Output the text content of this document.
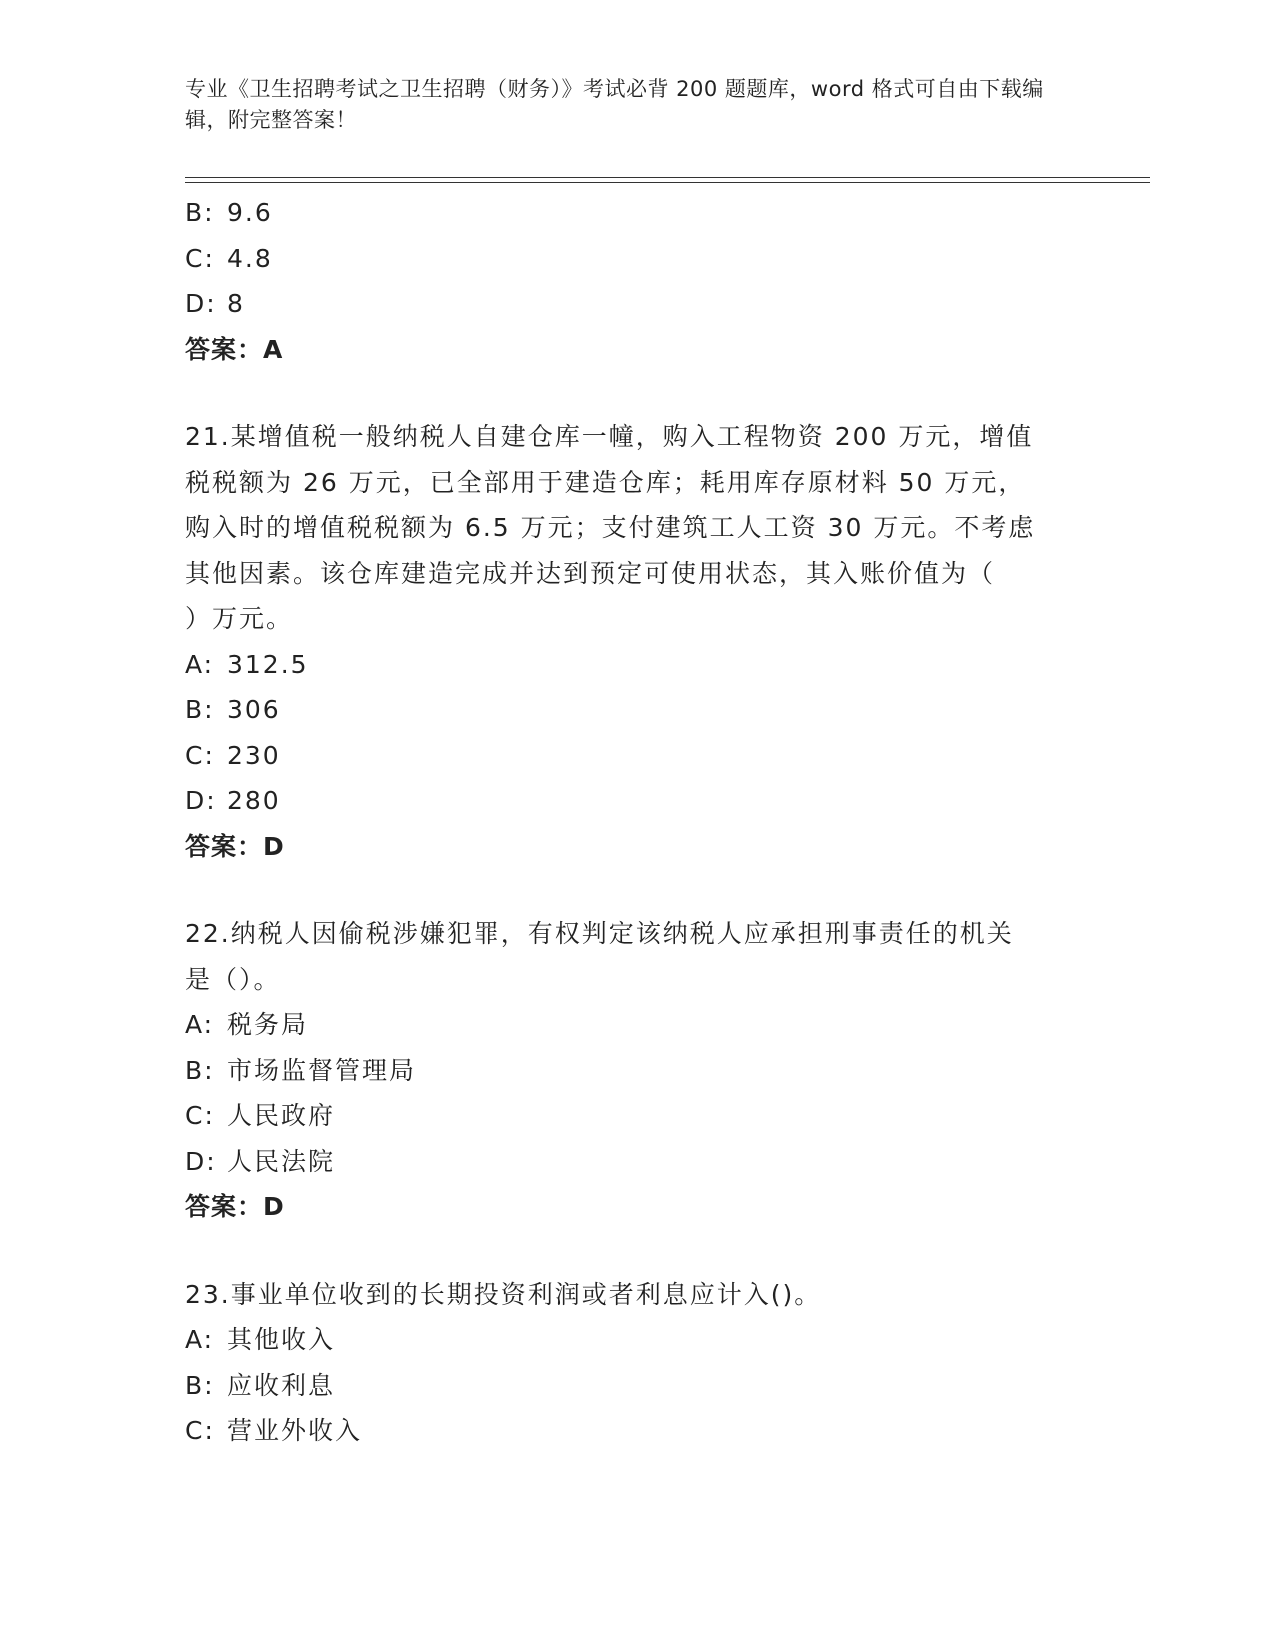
专业《卫生招聘考试之卫生招聘（财务）》考试必背 200 题题库，word 格式可自由下载编辑，附完整答案！
B: 9.6
C: 4.8
D: 8
答案：A
21.某增值税一般纳税人自建仓库一幢，购入工程物资 200 万元，增值
税税额为 26 万元，已全部用于建造仓库；耗用库存原材料 50 万元，
购入时的增值税税额为 6.5 万元；支付建筑工人工资 30 万元。不考虑
其他因素。该仓库建造完成并达到预定可使用状态，其入账价值为（
）万元。
A: 312.5
B: 306
C: 230
D: 280
答案：D
22.纳税人因偷税涉嫌犯罪，有权判定该纳税人应承担刑事责任的机关
是（）。
A: 税务局
B: 市场监督管理局
C: 人民政府
D: 人民法院
答案：D
23.事业单位收到的长期投资利润或者利息应计入()。
A: 其他收入
B: 应收利息
C: 营业外收入
